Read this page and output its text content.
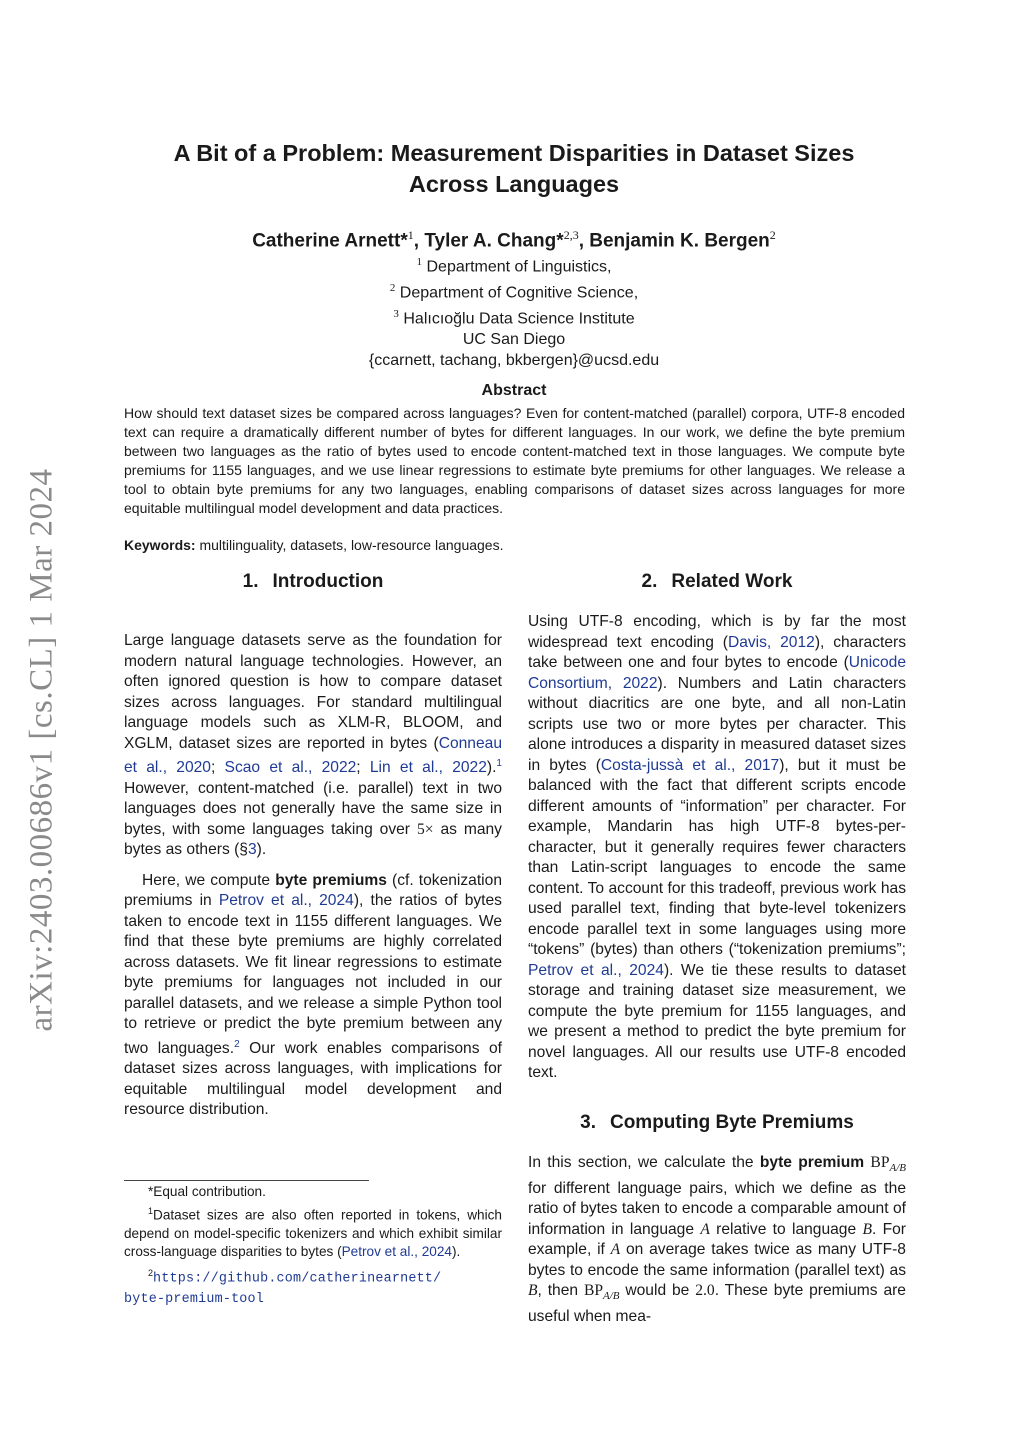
arXiv:2403.00686v1 [cs.CL] 1 Mar 2024
A Bit of a Problem: Measurement Disparities in Dataset Sizes
Across Languages
Catherine Arnett*$^1$, Tyler A. Chang*$^{2,3}$, Benjamin K. Bergen$^2$
$^1$ Department of Linguistics,
$^2$ Department of Cognitive Science,
$^3$ Halıcıoğlu Data Science Institute
UC San Diego
{ccarnett, tachang, bkbergen}@ucsd.edu
Abstract
How should text dataset sizes be compared across languages? Even for content-matched (parallel) corpora, UTF-8 encoded text can require a dramatically different number of bytes for different languages. In our work, we define the byte premium between two languages as the ratio of bytes used to encode content-matched text in those languages. We compute byte premiums for 1155 languages, and we use linear regressions to estimate byte premiums for other languages. We release a tool to obtain byte premiums for any two languages, enabling comparisons of dataset sizes across languages for more equitable multilingual model development and data practices.
Keywords: multilinguality, datasets, low-resource languages.
1. Introduction

Large language datasets serve as the foundation for modern natural language technologies. However, an often ignored question is how to compare dataset sizes across languages. For standard multilingual language models such as XLM-R, BLOOM, and XGLM, dataset sizes are reported in bytes (Conneau et al., 2020; Scao et al., 2022; Lin et al., 2022).$^1$ However, content-matched (i.e. parallel) text in two languages does not generally have the same size in bytes, with some languages taking over 5× as many bytes as others (§3).

Here, we compute byte premiums (cf. tokenization premiums in Petrov et al., 2024), the ratios of bytes taken to encode text in 1155 different languages. We find that these byte premiums are highly correlated across datasets. We fit linear regressions to estimate byte premiums for languages not included in our parallel datasets, and we release a simple Python tool to retrieve or predict the byte premium between any two languages.$^2$ Our work enables comparisons of dataset sizes across languages, with implications for equitable multilingual model development and resource distribution.

2. Related Work

Using UTF-8 encoding, which is by far the most widespread text encoding (Davis, 2012), characters take between one and four bytes to encode (Unicode Consortium, 2022). Numbers and Latin characters without diacritics are one byte, and all non-Latin scripts use two or more bytes per character. This alone introduces a disparity in measured dataset sizes in bytes (Costa-jussà et al., 2017), but it must be balanced with the fact that different scripts encode different amounts of “information” per character. For example, Mandarin has high UTF-8 bytes-per-character, but it generally requires fewer characters than Latin-script languages to encode the same content. To account for this tradeoff, previous work has used parallel text, finding that byte-level tokenizers encode parallel text in some languages using more “tokens” (bytes) than others (“tokenization premiums”; Petrov et al., 2024). We tie these results to dataset storage and training dataset size measurement, we compute the byte premium for 1155 languages, and we present a method to predict the byte premium for novel languages. All our results use UTF-8 encoded text.

3. Computing Byte Premiums

In this section, we calculate the byte premium $BP_{A/B}$ for different language pairs, which we define as the ratio of bytes taken to encode a comparable amount of information in language A relative to language B. For example, if A on average takes twice as many UTF-8 bytes to encode the same information (parallel text) as B, then $BP_{A/B}$ would be 2.0. These byte premiums are useful when mea-

*Equal contribution.

$^1$Dataset sizes are also often reported in tokens, which depend on model-specific tokenizers and which exhibit similar cross-language disparities to bytes (Petrov et al., 2024).

$^2$https://github.com/catherinearnett/

byte-premium-tool
